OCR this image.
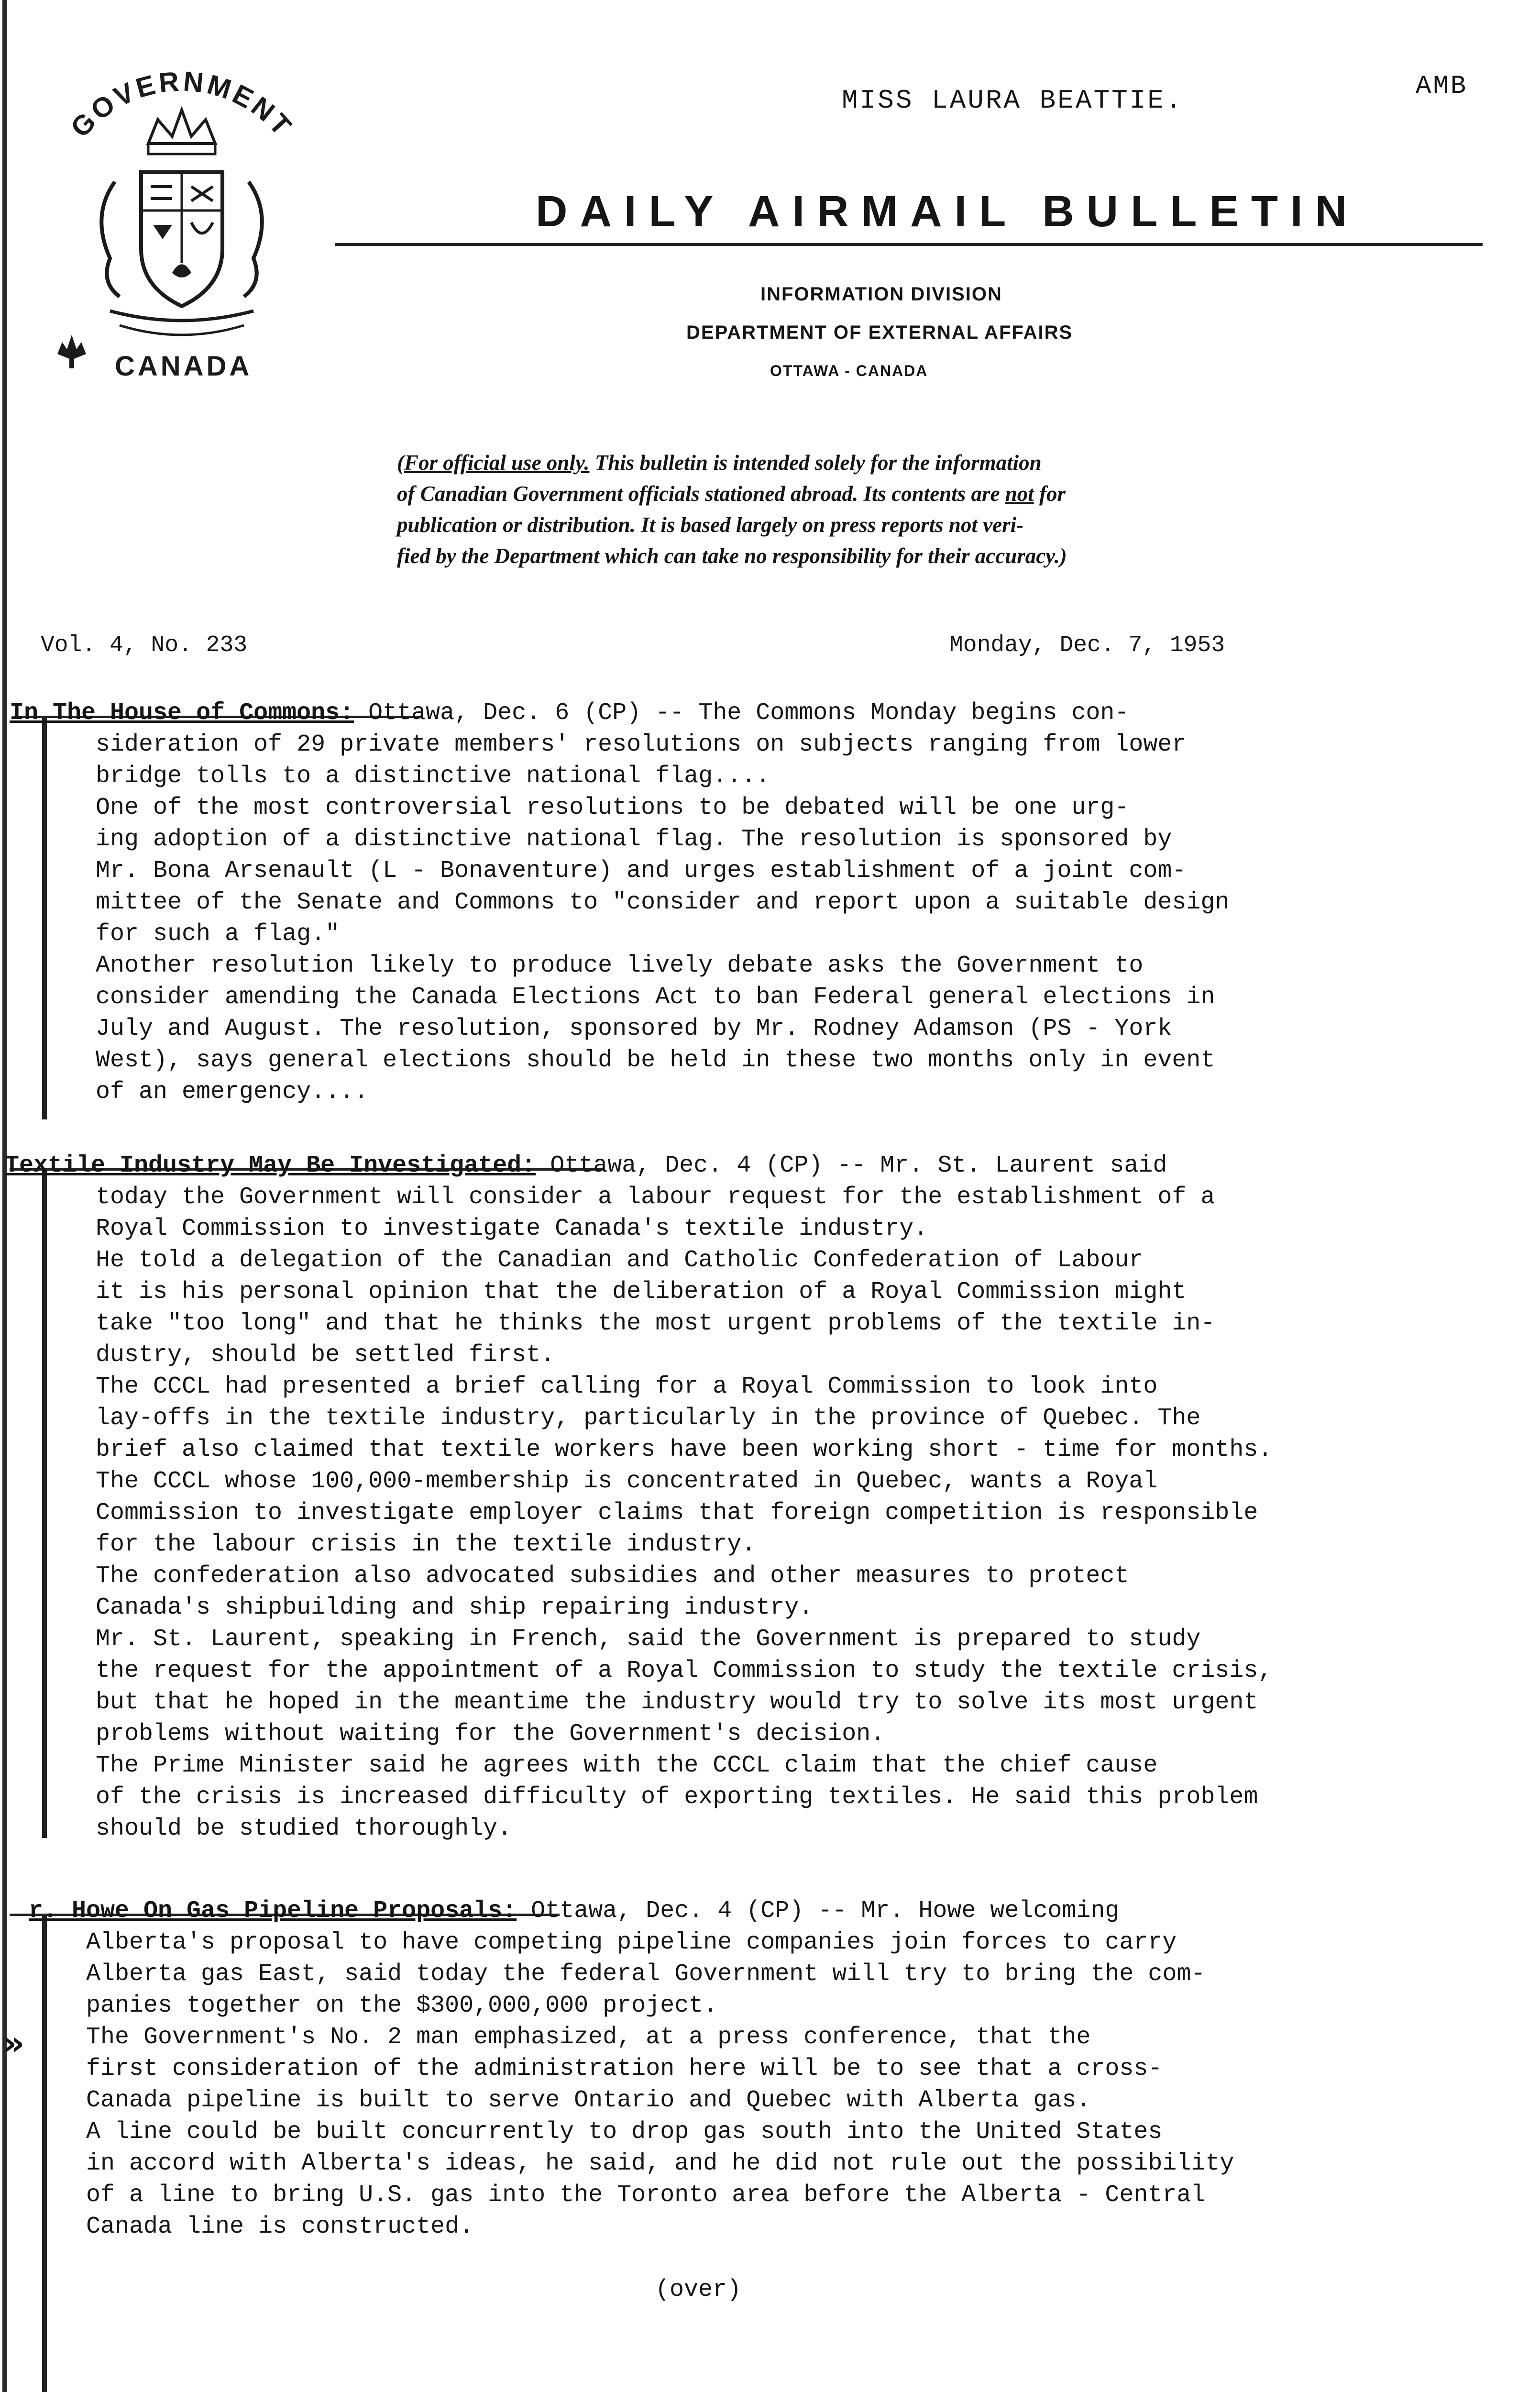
»
MISS LAURA BEATTIE.	AMB
GOVERNMENT
CANADA
DAILY AIRMAIL BULLETIN
INFORMATION DIVISION
DEPARTMENT OF EXTERNAL AFFAIRS
OTTAWA - CANADA

(For official use only. This bulletin is intended solely for the information

of Canadian Government officials stationed abroad. Its contents are not for

publication or distribution. It is based largely on press reports not veri-

fied by the Department which can take no responsibility for their accuracy.)

Vol. 4, No. 233	Monday, Dec. 7, 1953
In The House of Commons: Ottawa, Dec. 6 (CP) -- The Commons Monday begins con-
sideration of 29 private members' resolutions on subjects ranging from lower
bridge tolls to a distinctive national flag....
One of the most controversial resolutions to be debated will be one urg-
ing adoption of a distinctive national flag. The resolution is sponsored by
Mr. Bona Arsenault (L - Bonaventure) and urges establishment of a joint com-
mittee of the Senate and Commons to "consider and report upon a suitable design
for such a flag."
Another resolution likely to produce lively debate asks the Government to
consider amending the Canada Elections Act to ban Federal general elections in
July and August. The resolution, sponsored by Mr. Rodney Adamson (PS - York
West), says general elections should be held in these two months only in event
of an emergency....
Textile Industry May Be Investigated: Ottawa, Dec. 4 (CP) -- Mr. St. Laurent said
today the Government will consider a labour request for the establishment of a
Royal Commission to investigate Canada's textile industry.
He told a delegation of the Canadian and Catholic Confederation of Labour
it is his personal opinion that the deliberation of a Royal Commission might
take "too long" and that he thinks the most urgent problems of the textile in-
dustry, should be settled first.
The CCCL had presented a brief calling for a Royal Commission to look into
lay-offs in the textile industry, particularly in the province of Quebec. The
brief also claimed that textile workers have been working short - time for months.
The CCCL whose 100,000-membership is concentrated in Quebec, wants a Royal
Commission to investigate employer claims that foreign competition is responsible
for the labour crisis in the textile industry.
The confederation also advocated subsidies and other measures to protect
Canada's shipbuilding and ship repairing industry.
Mr. St. Laurent, speaking in French, said the Government is prepared to study
the request for the appointment of a Royal Commission to study the textile crisis,
but that he hoped in the meantime the industry would try to solve its most urgent
problems without waiting for the Government's decision.
The Prime Minister said he agrees with the CCCL claim that the chief cause
of the crisis is increased difficulty of exporting textiles. He said this problem
should be studied thoroughly.
r. Howe On Gas Pipeline Proposals: Ottawa, Dec. 4 (CP) -- Mr. Howe welcoming
Alberta's proposal to have competing pipeline companies join forces to carry
Alberta gas East, said today the federal Government will try to bring the com-
panies together on the $300,000,000 project.
The Government's No. 2 man emphasized, at a press conference, that the
first consideration of the administration here will be to see that a cross-
Canada pipeline is built to serve Ontario and Quebec with Alberta gas.
A line could be built concurrently to drop gas south into the United States
in accord with Alberta's ideas, he said, and he did not rule out the possibility
of a line to bring U.S. gas into the Toronto area before the Alberta - Central
Canada line is constructed.
(over)
